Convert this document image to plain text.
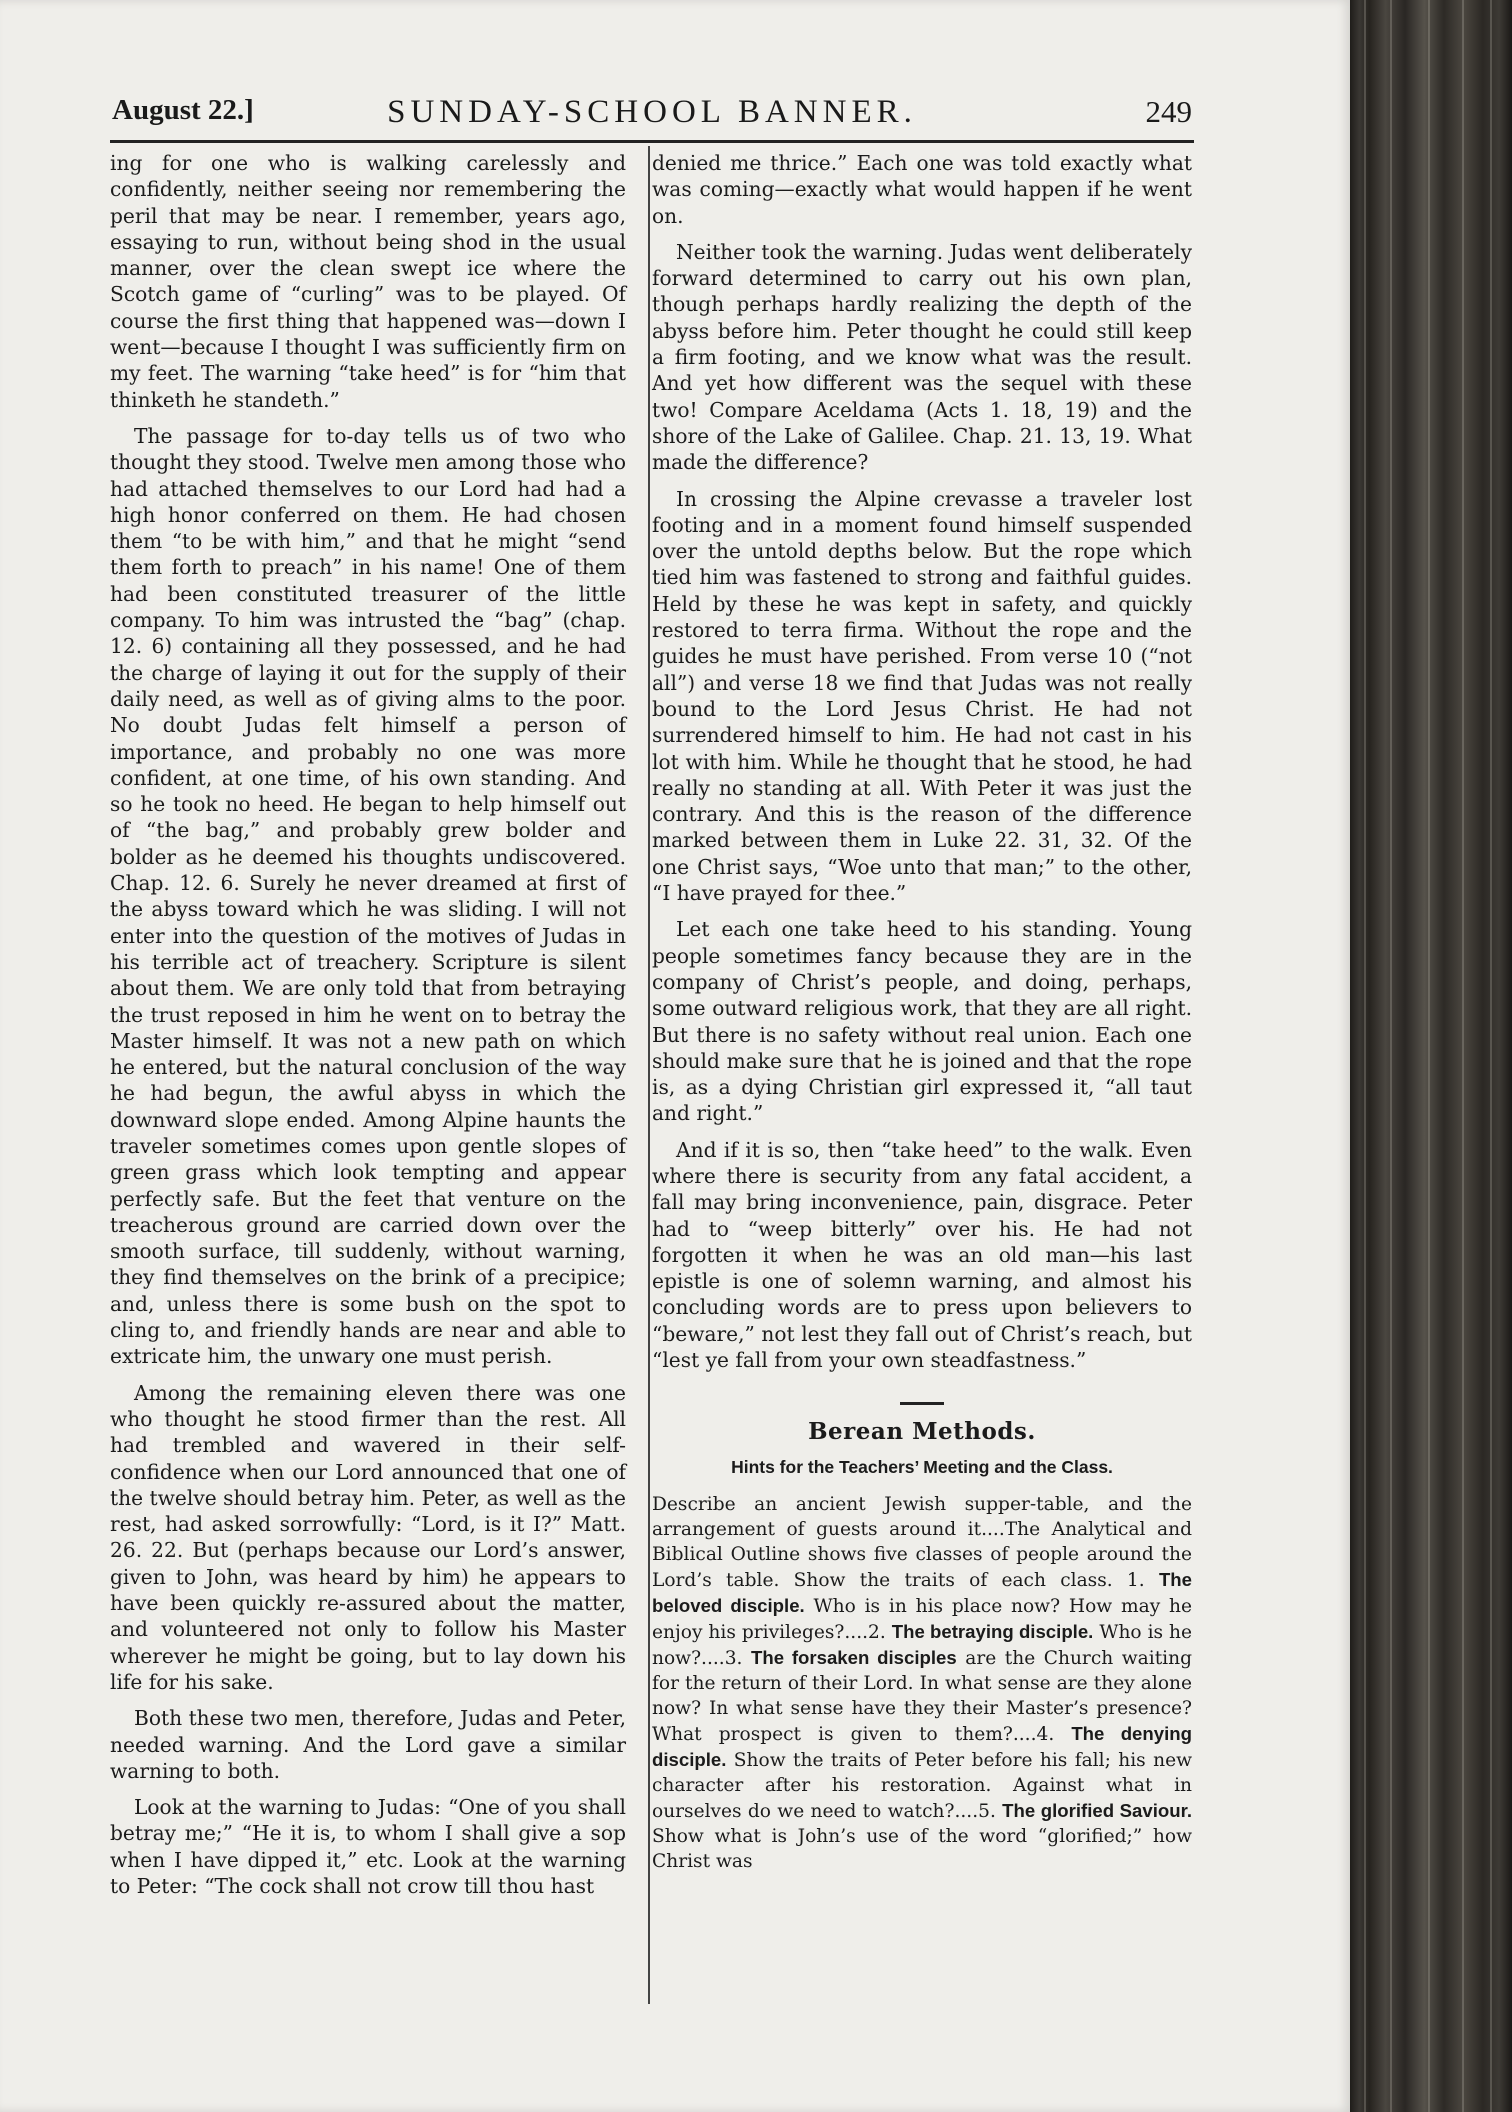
August 22.]	SUNDAY-SCHOOL BANNER.	249

ing for one who is walking carelessly and confidently, neither seeing nor remembering the peril that may be near. I remember, years ago, essaying to run, without being shod in the usual manner, over the clean swept ice where the Scotch game of “curling” was to be played. Of course the first thing that happened was—down I went—because I thought I was sufficiently firm on my feet. The warning “take heed” is for “him that thinketh he standeth.”

The passage for to-day tells us of two who thought they stood. Twelve men among those who had attached themselves to our Lord had had a high honor conferred on them. He had chosen them “to be with him,” and that he might “send them forth to preach” in his name! One of them had been constituted treasurer of the little company. To him was intrusted the “bag” (chap. 12. 6) containing all they possessed, and he had the charge of laying it out for the supply of their daily need, as well as of giving alms to the poor. No doubt Judas felt himself a person of importance, and probably no one was more confident, at one time, of his own standing. And so he took no heed. He began to help himself out of “the bag,” and probably grew bolder and bolder as he deemed his thoughts undiscovered. Chap. 12. 6. Surely he never dreamed at first of the abyss toward which he was sliding. I will not enter into the question of the motives of Judas in his terrible act of treachery. Scripture is silent about them. We are only told that from betraying the trust reposed in him he went on to betray the Master himself. It was not a new path on which he entered, but the natural conclusion of the way he had begun, the awful abyss in which the downward slope ended. Among Alpine haunts the traveler sometimes comes upon gentle slopes of green grass which look tempting and appear perfectly safe. But the feet that venture on the treacherous ground are carried down over the smooth surface, till suddenly, without warning, they find themselves on the brink of a precipice; and, unless there is some bush on the spot to cling to, and friendly hands are near and able to extricate him, the unwary one must perish.

Among the remaining eleven there was one who thought he stood firmer than the rest. All had trembled and wavered in their self-confidence when our Lord announced that one of the twelve should betray him. Peter, as well as the rest, had asked sorrowfully: “Lord, is it I?” Matt. 26. 22. But (perhaps because our Lord’s answer, given to John, was heard by him) he appears to have been quickly re-assured about the matter, and volunteered not only to follow his Master wherever he might be going, but to lay down his life for his sake.

Both these two men, therefore, Judas and Peter, needed warning. And the Lord gave a similar warning to both.

Look at the warning to Judas: “One of you shall betray me;” “He it is, to whom I shall give a sop when I have dipped it,” etc. Look at the warning to Peter: “The cock shall not crow till thou hast

denied me thrice.” Each one was told exactly what was coming—exactly what would happen if he went on.

Neither took the warning. Judas went deliberately forward determined to carry out his own plan, though perhaps hardly realizing the depth of the abyss before him. Peter thought he could still keep a firm footing, and we know what was the result. And yet how different was the sequel with these two! Compare Aceldama (Acts 1. 18, 19) and the shore of the Lake of Galilee. Chap. 21. 13, 19. What made the difference?

In crossing the Alpine crevasse a traveler lost footing and in a moment found himself suspended over the untold depths below. But the rope which tied him was fastened to strong and faithful guides. Held by these he was kept in safety, and quickly restored to terra firma. Without the rope and the guides he must have perished. From verse 10 (“not all”) and verse 18 we find that Judas was not really bound to the Lord Jesus Christ. He had not surrendered himself to him. He had not cast in his lot with him. While he thought that he stood, he had really no standing at all. With Peter it was just the contrary. And this is the reason of the difference marked between them in Luke 22. 31, 32. Of the one Christ says, “Woe unto that man;” to the other, “I have prayed for thee.”

Let each one take heed to his standing. Young people sometimes fancy because they are in the company of Christ’s people, and doing, perhaps, some outward religious work, that they are all right. But there is no safety without real union. Each one should make sure that he is joined and that the rope is, as a dying Christian girl expressed it, “all taut and right.”

And if it is so, then “take heed” to the walk. Even where there is security from any fatal accident, a fall may bring inconvenience, pain, disgrace. Peter had to “weep bitterly” over his. He had not forgotten it when he was an old man—his last epistle is one of solemn warning, and almost his concluding words are to press upon believers to “beware,” not lest they fall out of Christ’s reach, but “lest ye fall from your own steadfastness.”

Berean Methods.
Hints for the Teachers’ Meeting and the Class.

Describe an ancient Jewish supper-table, and the arrangement of guests around it....The Analytical and Biblical Outline shows five classes of people around the Lord’s table. Show the traits of each class. 1. The beloved disciple. Who is in his place now? How may he enjoy his privileges?....2. The betraying disciple. Who is he now?....3. The forsaken disciples are the Church waiting for the return of their Lord. In what sense are they alone now? In what sense have they their Master’s presence? What prospect is given to them?....4. The denying disciple. Show the traits of Peter before his fall; his new character after his restoration. Against what in ourselves do we need to watch?....5. The glorified Saviour. Show what is John’s use of the word “glorified;” how Christ was
